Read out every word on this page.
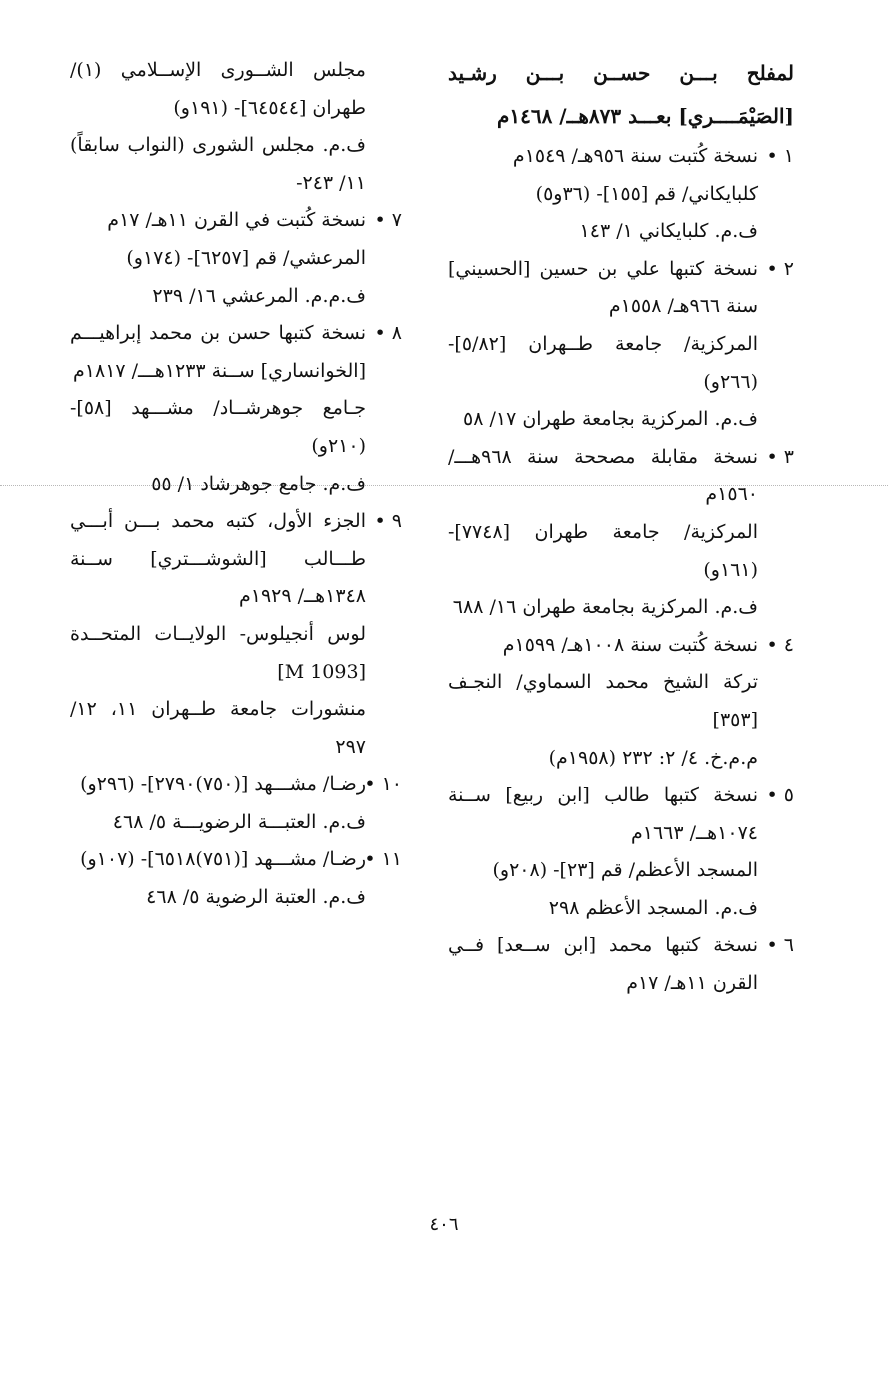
لمفلح بـــن حســن بـــن رشـيد [الصَيْمَــــري] بعـــد ٨٧٣هــ/ ١٤٦٨م
١ •
نسخة كُتبت سنة ٩٥٦هـ/ ١٥٤٩م
كلبايكاني/ قم [١٥٥]- (٣٦و٥)
ف.م. كلبايكاني ١/ ١٤٣
٢ •
نسخة كتبها علي بن حسين [الحسيني] سنة ٩٦٦هـ/ ١٥٥٨م
المركزية/ جامعة طــهران [٥/٨٢]- (٢٦٦و)
ف.م. المركزية بجامعة طهران ١٧/ ٥٨
٣ •
نسخة مقابلة مصححة سنة ٩٦٨هـــ/ ١٥٦٠م
المركزية/ جامعة طهران [٧٧٤٨]- (١٦١و)
ف.م. المركزية بجامعة طهران ١٦/ ٦٨٨
٤ •
نسخة كُتبت سنة ١٠٠٨هـ/ ١٥٩٩م
تركة الشيخ محمد السماوي/ النجـف [٣٥٣]
م.م.خ. ٤/ ٢: ٢٣٢ (١٩٥٨م)
٥ •
نسخة كتبها طالب [ابن ربيع] ســنة ١٠٧٤هــ/ ١٦٦٣م
المسجد الأعظم/ قم [٢٣]- (٢٠٨و)
ف.م. المسجد الأعظم ٢٩٨
٦ •
نسخة كتبها محمد [ابن ســعد] فــي القرن ١١هـ/ ١٧م
مجلس الشــورى الإســلامي (١)/ طهران [٦٤٥٤٤]- (١٩١و)
ف.م. مجلس الشورى (النواب سابقاً) ١١/ ٢٤٣-
٧ •
نسخة كُتبت في القرن ١١هـ/ ١٧م
المرعشي/ قم [٦٢٥٧]- (١٧٤و)
ف.م.م. المرعشي ١٦/ ٢٣٩
٨ •
نسخة كتبها حسن بن محمد إبراهيـــم [الخوانساري] ســنة ١٢٣٣هـــ/ ١٨١٧م
جـامع جوهرشــاد/ مشـــهد [٥٨]- (٢١٠و)
ف.م. جامع جوهرشاد ١/ ٥٥
٩ •
الجزء الأول، كتبه محمد بـــن أبـــي طـــالب [الشوشـــتري] ســنة ١٣٤٨هــ/ ١٩٢٩م
لوس أنجيلوس- الولايــات المتحــدة [M 1093]
منشورات جامعة طــهران ١١، ١٢/ ٢٩٧
١٠ •
رضـا/ مشـــهد [(٧٥٠)٢٧٩٠]- (٢٩٦و)
ف.م. العتبـــة الرضويـــة ٥/ ٤٦٨
١١ •
رضـا/ مشـــهد [(٧٥١)٦٥١٨]- (١٠٧و)
ف.م. العتبة الرضوية ٥/ ٤٦٨
٤٠٦
